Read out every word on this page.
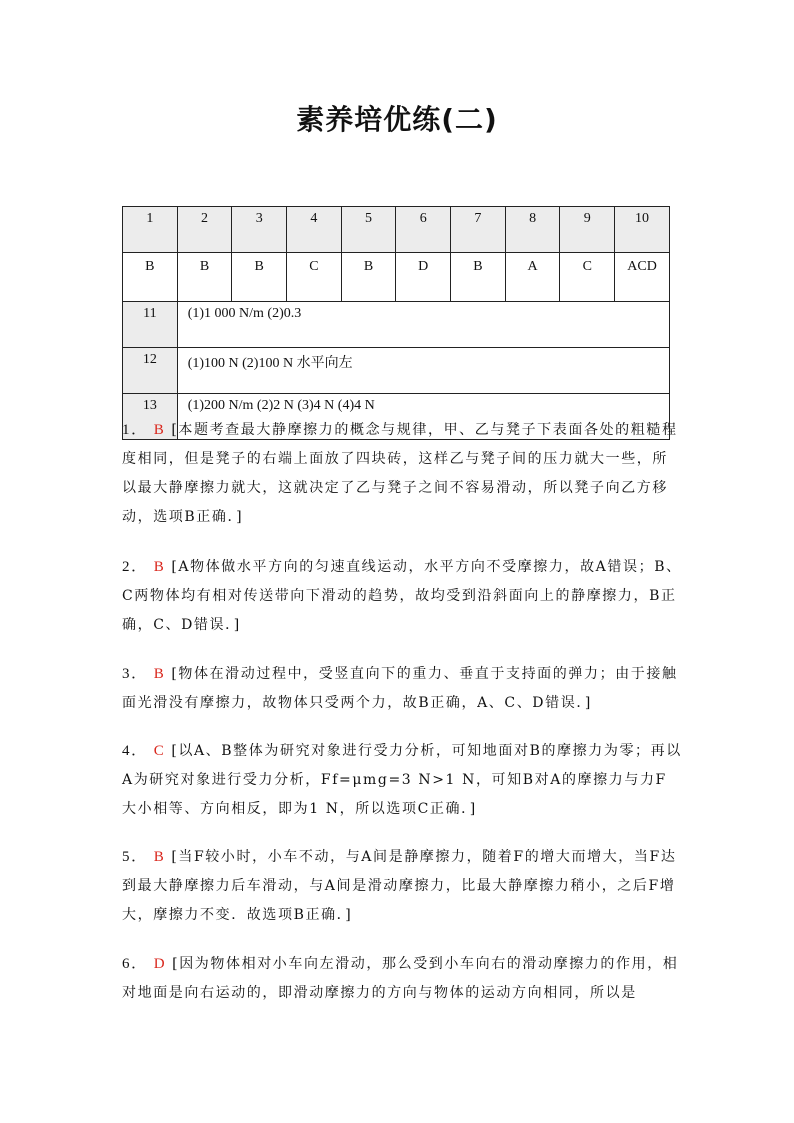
素养培优练(二)
1	2	3	4	5	6	7	8	9	10
B	B	B	C	B	D	B	A	C	ACD
11	(1)1 000 N/m (2)0.3								
12	(1)100 N (2)100 N 水平向左								
13	(1)200 N/m (2)2 N (3)4 N (4)4 N								
1． B [本题考查最大静摩擦力的概念与规律，甲、乙与凳子下表面各处的粗糙程度相同，但是凳子的右端上面放了四块砖，这样乙与凳子间的压力就大一些，所以最大静摩擦力就大，这就决定了乙与凳子之间不容易滑动，所以凳子向乙方移动，选项B正确．]
2． B [A物体做水平方向的匀速直线运动，水平方向不受摩擦力，故A错误；B、C两物体均有相对传送带向下滑动的趋势，故均受到沿斜面向上的静摩擦力，B正确，C、D错误．]
3． B [物体在滑动过程中，受竖直向下的重力、垂直于支持面的弹力；由于接触面光滑没有摩擦力，故物体只受两个力，故B正确，A、C、D错误．]
4． C [以A、B整体为研究对象进行受力分析，可知地面对B的摩擦力为零；再以A为研究对象进行受力分析，Ff=μmg=3 N>1 N，可知B对A的摩擦力与力F大小相等、方向相反，即为1 N，所以选项C正确．]
5． B [当F较小时，小车不动，与A间是静摩擦力，随着F的增大而增大，当F达到最大静摩擦力后车滑动，与A间是滑动摩擦力，比最大静摩擦力稍小，之后F增大，摩擦力不变．故选项B正确．]
6． D [因为物体相对小车向左滑动，那么受到小车向右的滑动摩擦力的作用，相对地面是向右运动的，即滑动摩擦力的方向与物体的运动方向相同，所以是
